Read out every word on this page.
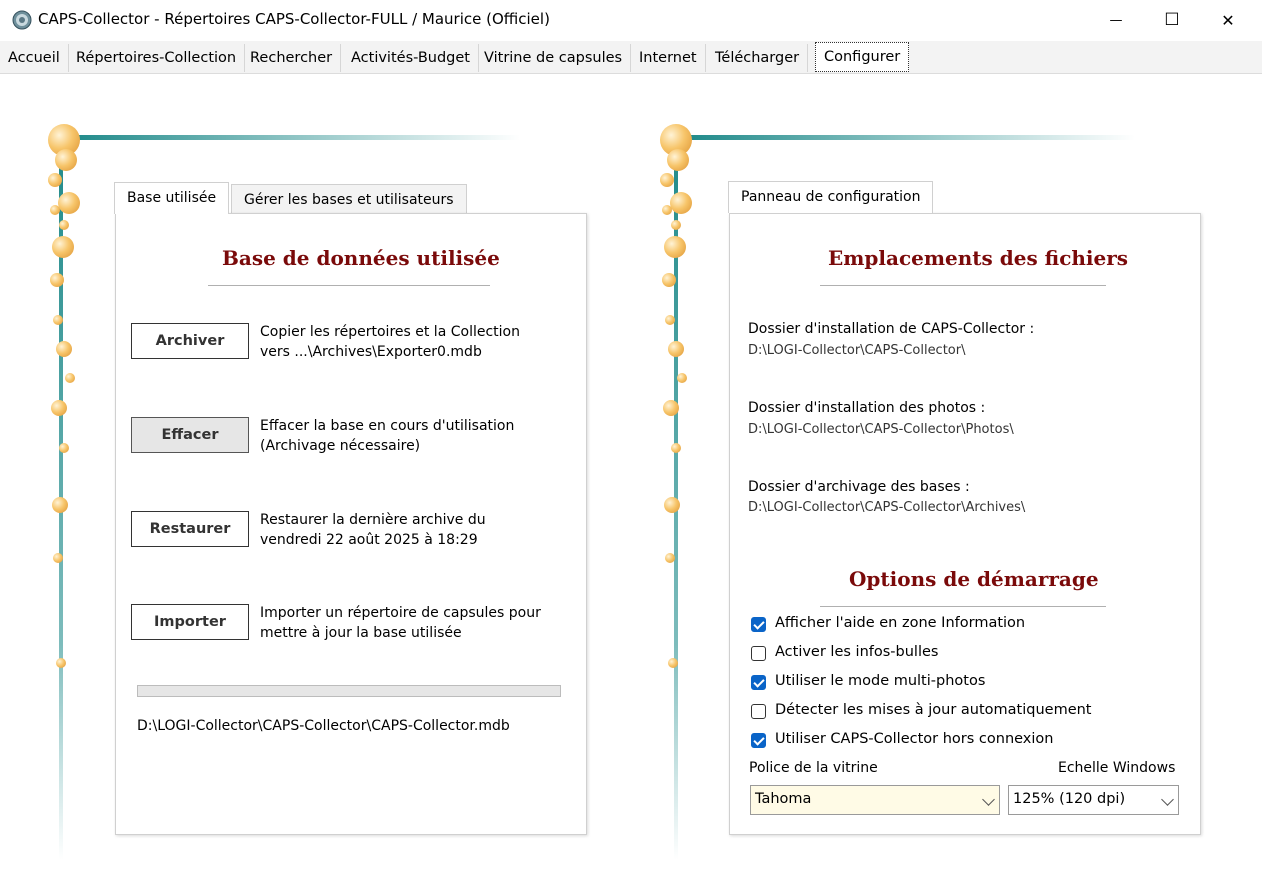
CAPS-Collector - Répertoires CAPS-Collector-FULL / Maurice (Officiel)	— ☐	✕
Accueil	Répertoires-Collection Rechercher	Activités-Budget Vitrine de capsules	Internet	Télécharger	Configurer
Base utilisée	Gérer les bases et utilisateurs
Base de données utilisée
Archiver
Copier les répertoires et la Collection
vers ...\Archives\Exporter0.mdb
Effacer
Effacer la base en cours d'utilisation
(Archivage nécessaire)
Restaurer
Restaurer la dernière archive du
vendredi 22 août 2025 à 18:29
Importer
Importer un répertoire de capsules pour
mettre à jour la base utilisée
D:\LOGI-Collector\CAPS-Collector\CAPS-Collector.mdb
Panneau de configuration
Emplacements des fichiers
Dossier d'installation de CAPS-Collector :
D:\LOGI-Collector\CAPS-Collector\
Dossier d'installation des photos :
D:\LOGI-Collector\CAPS-Collector\Photos\
Dossier d'archivage des bases :
D:\LOGI-Collector\CAPS-Collector\Archives\
Options de démarrage
Afficher l'aide en zone Information
Activer les infos-bulles
Utiliser le mode multi-photos
Détecter les mises à jour automatiquement
Utiliser CAPS-Collector hors connexion
Police de la vitrine	Echelle Windows
Tahoma	125% (120 dpi)
